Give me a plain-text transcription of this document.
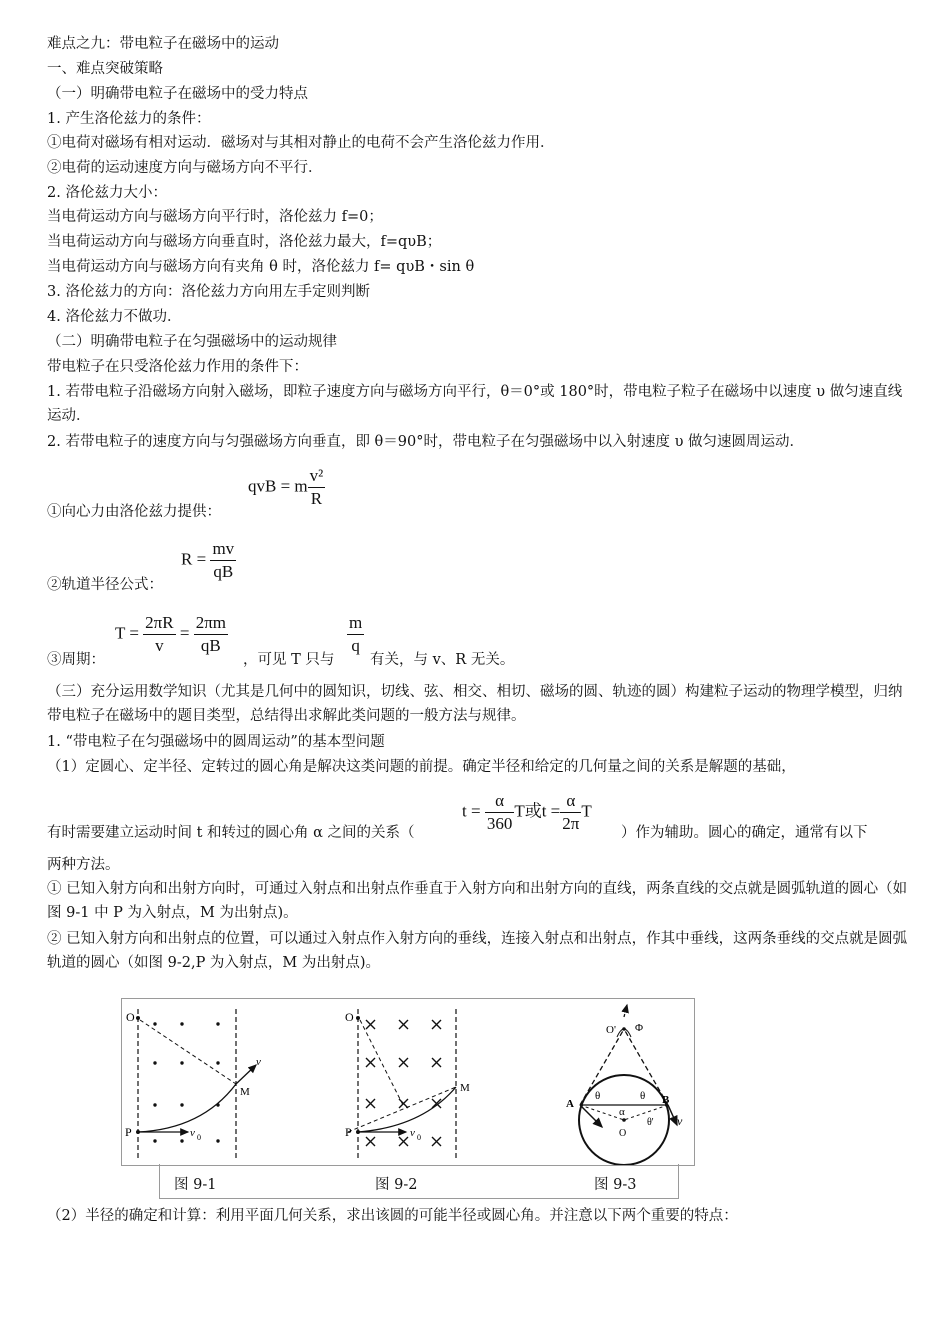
难点之九：带电粒子在磁场中的运动
一、难点突破策略
（一）明确带电粒子在磁场中的受力特点
1. 产生洛伦兹力的条件：
①电荷对磁场有相对运动．磁场对与其相对静止的电荷不会产生洛伦兹力作用．
②电荷的运动速度方向与磁场方向不平行．
2. 洛伦兹力大小：
当电荷运动方向与磁场方向平行时，洛伦兹力 f=0；
当电荷运动方向与磁场方向垂直时，洛伦兹力最大，f=qυB；
当电荷运动方向与磁场方向有夹角 θ 时，洛伦兹力 f= qυB・sin θ
3. 洛伦兹力的方向：洛伦兹力方向用左手定则判断
4. 洛伦兹力不做功．
（二）明确带电粒子在匀强磁场中的运动规律
带电粒子在只受洛伦兹力作用的条件下：
1. 若带电粒子沿磁场方向射入磁场，即粒子速度方向与磁场方向平行，θ＝0°或 180°时，带电粒子粒子在磁场中以速度 υ 做匀速直线运动．
2. 若带电粒子的速度方向与匀强磁场方向垂直，即 θ＝90°时，带电粒子在匀强磁场中以入射速度 υ 做匀速圆周运动．
①向心力由洛伦兹力提供：
qvB = m $\frac{\text{v²}}{R}$
②轨道半径公式：
$R = \frac{mv}{qB}$
③周期：
$T = \frac{2\pi R}{v} = \frac{2\pi m}{qB}$
，可见 T 只与
$\frac{m}{q}$
有关，与 v、R 无关。
（三）充分运用数学知识（尤其是几何中的圆知识，切线、弦、相交、相切、磁场的圆、轨迹的圆）构建粒子运动的物理学模型，归纳带电粒子在磁场中的题目类型，总结得出求解此类问题的一般方法与规律。
1. “带电粒子在匀强磁场中的圆周运动”的基本型问题
（1）定圆心、定半径、定转过的圆心角是解决这类问题的前提。确定半径和给定的几何量之间的关系是解题的基础，
$t = \frac{\alpha}{360}$ T或$t = \frac{\alpha}{2\pi}$ T
有时需要建立运动时间 t 和转过的圆心角 α 之间的关系（	）作为辅助。圆心的确定，通常有以下
两种方法。
① 已知入射方向和出射方向时，可通过入射点和出射点作垂直于入射方向和出射方向的直线，两条直线的交点就是圆弧轨道的圆心（如图 9-1 中 P 为入射点，M 为出射点)。
② 已知入射方向和出射点的位置，可以通过入射点作入射方向的垂线，连接入射点和出射点，作其中垂线，这两条垂线的交点就是圆弧轨道的圆心（如图 9-2,P 为入射点，M 为出射点)。
O
v
M
P	v 0
O
M
P	v 0
A	B
θ	θ
α
O
O' Φ
θ' ν
图 9-1	图 9-2	图 9-3
（2）半径的确定和计算：利用平面几何关系，求出该圆的可能半径或圆心角。并注意以下两个重要的特点：
